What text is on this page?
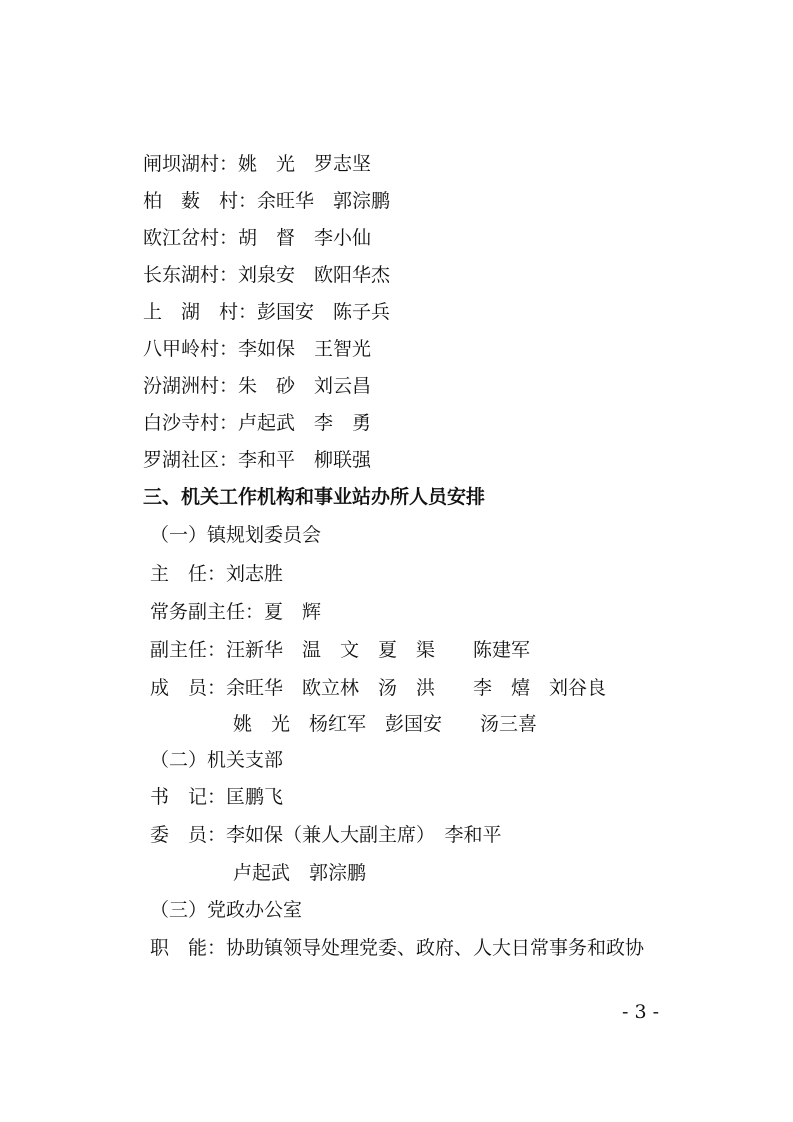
闸坝湖村：姚　光　罗志坚
柏　薮　村：余旺华　郭淙鹏
欧江岔村：胡　督　李小仙
长东湖村：刘泉安　欧阳华杰
上　湖　村：彭国安　陈子兵
八甲岭村：李如保　王智光
汾湖洲村：朱　砂　刘云昌
白沙寺村：卢起武　李　勇
罗湖社区：李和平　柳联强
三、机关工作机构和事业站办所人员安排
（一）镇规划委员会
主　任：刘志胜
常务副主任：夏　辉
副主任：汪新华　温　文　夏　渠　　陈建军
成　员：余旺华　欧立林　汤　洪　　李　熺　刘谷良
姚　光　杨红军　彭国安　　汤三喜
（二）机关支部
书　记：匡鹏飞
委　员：李如保（兼人大副主席）　李和平
卢起武　郭淙鹏
（三）党政办公室
职　能：协助镇领导处理党委、政府、人大日常事务和政协
- 3 -
